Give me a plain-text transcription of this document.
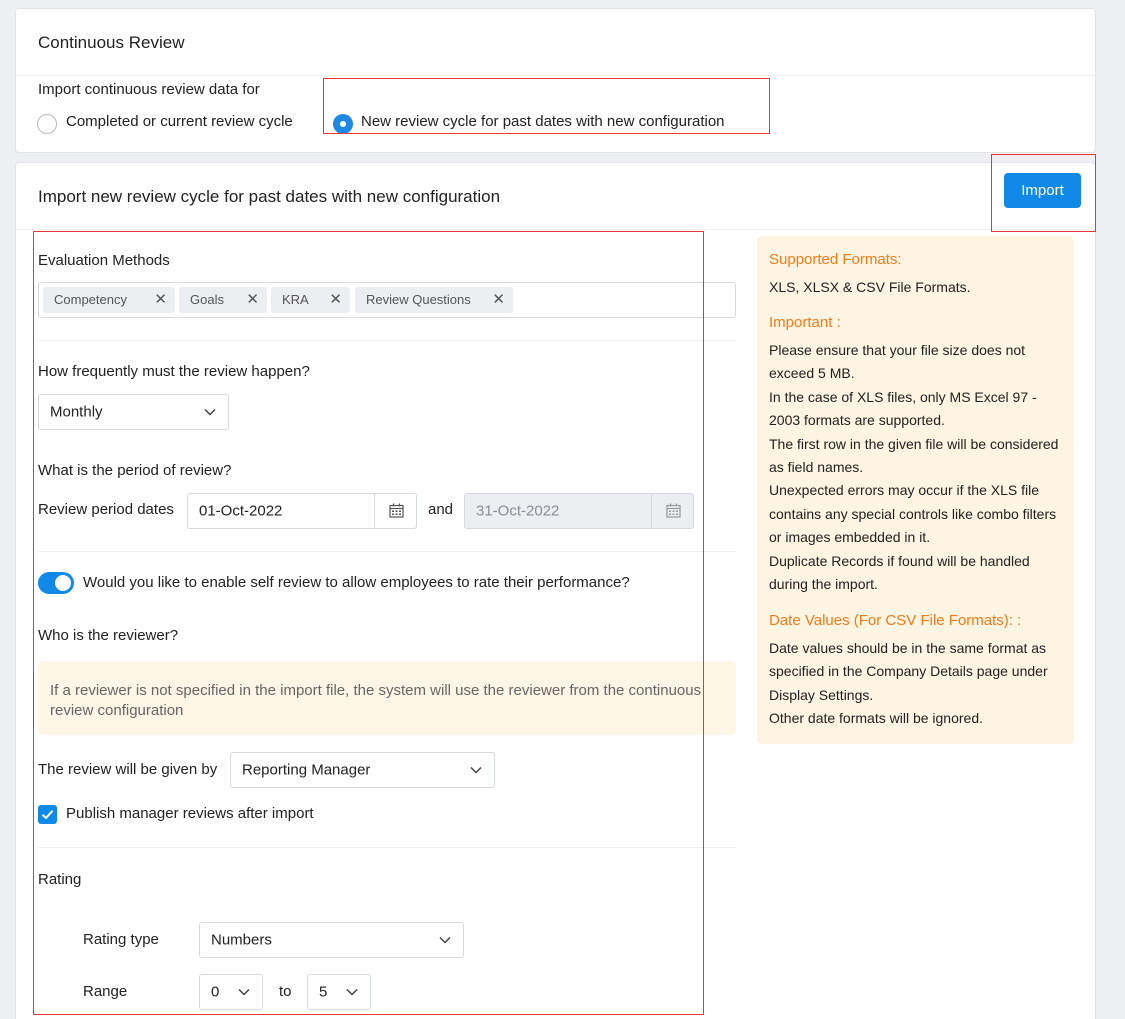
Continuous Review
Import continuous review data for
Completed or current review cycle	New review cycle for past dates with new configuration
Import new review cycle for past dates with new configuration	Import
Evaluation Methods
Competency ✕	Goals ✕	KRA ✕	Review Questions ✕
How frequently must the review happen?
Monthly
What is the period of review?
Review period dates 01-Oct-2022	and 31-Oct-2022
Would you like to enable self review to allow employees to rate their performance?
Who is the reviewer?
If a reviewer is not specified in the import file, the system will use the reviewer from the continuous review configuration
The review will be given by Reporting Manager
Publish manager reviews after import
Rating
Rating type	Numbers
Range	0	to 5
Supported Formats:
XLS, XLSX & CSV File Formats.
Important :
Please ensure that your file size does not exceed 5 MB.
In the case of XLS files, only MS Excel 97 - 2003 formats are supported.
The first row in the given file will be considered as field names.
Unexpected errors may occur if the XLS file contains any special controls like combo filters or images embedded in it.
Duplicate Records if found will be handled during the import.
Date Values (For CSV File Formats): :
Date values should be in the same format as specified in the Company Details page under Display Settings.
Other date formats will be ignored.
